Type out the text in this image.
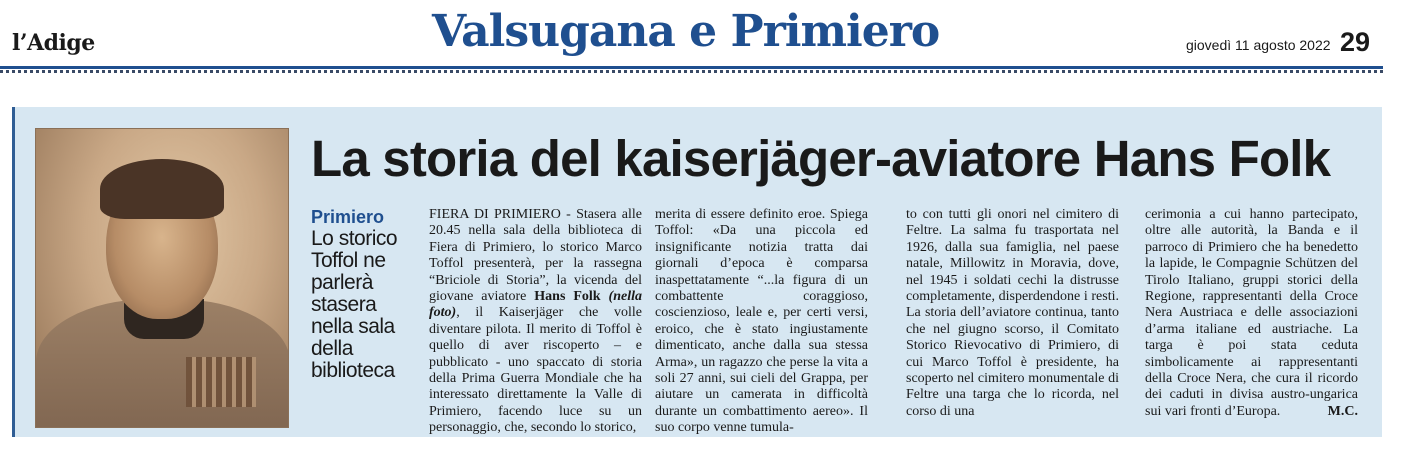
l’Adige	Valsugana e Primiero	giovedì 11 agosto 2022 29
La storia del kaiserjäger-aviatore Hans Folk
Primiero
Lo storico Toffol ne parlerà stasera nella sala della biblioteca
FIERA DI PRIMIERO - Stasera alle 20.45 nella sala della biblioteca di Fiera di Primiero, lo storico Marco Toffol presenterà, per la rassegna “Briciole di Storia”, la vicenda del giovane aviatore Hans Folk (nella foto), il Kaiserjäger che volle diventare pilota. Il merito di Toffol è quello di aver riscoperto – e pubblicato - uno spaccato di storia della Prima Guerra Mondiale che ha interessato direttamente la Valle di Primiero, facendo luce su un personaggio, che, secondo lo storico,
merita di essere definito eroe. Spiega Toffol: «Da una piccola ed insignificante notizia tratta dai giornali d’epoca è comparsa inaspettatamente “...la figura di un combattente coraggioso, coscienzioso, leale e, per certi versi, eroico, che è stato ingiustamente dimenticato, anche dalla sua stessa Arma», un ragazzo che perse la vita a soli 27 anni, sui cieli del Grappa, per aiutare un camerata in difficoltà durante un combattimento aereo». Il suo corpo venne tumula-
to con tutti gli onori nel cimitero di Feltre. La salma fu trasportata nel 1926, dalla sua famiglia, nel paese natale, Millowitz in Moravia, dove, nel 1945 i soldati cechi la distrusse completamente, disperdendone i resti. La storia dell’aviatore continua, tanto che nel giugno scorso, il Comitato Storico Rievocativo di Primiero, di cui Marco Toffol è presidente, ha scoperto nel cimitero monumentale di Feltre una targa che lo ricorda, nel corso di una
cerimonia a cui hanno partecipato, oltre alle autorità, la Banda e il parroco di Primiero che ha benedetto la lapide, le Compagnie Schützen del Tirolo Italiano, gruppi storici della Regione, rappresentanti della Croce Nera Austriaca e delle associazioni d’arma italiane ed austriache. La targa è poi stata ceduta simbolicamente ai rappresentanti della Croce Nera, che cura il ricordo dei caduti in divisa austro-ungarica sui vari fronti d’Europa.	M.C.
